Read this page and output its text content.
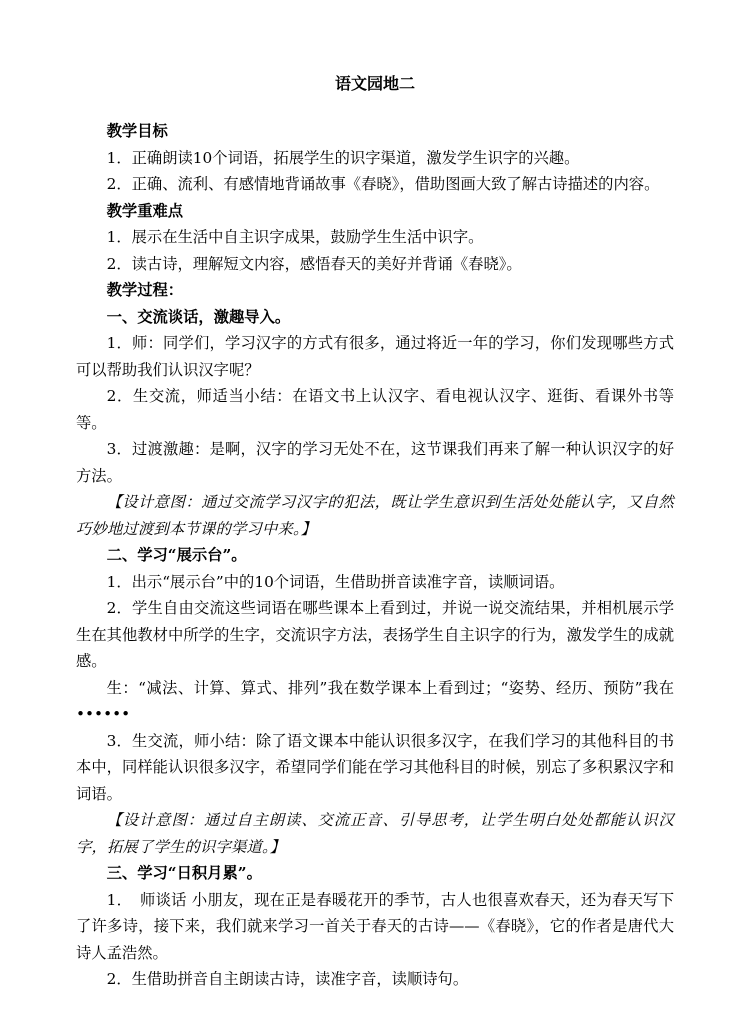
语文园地二

教学目标

1．正确朗读10个词语，拓展学生的识字渠道，激发学生识字的兴趣。

2．正确、流利、有感情地背诵故事《春晓》，借助图画大致了解古诗描述的内容。

教学重难点

1．展示在生活中自主识字成果，鼓励学生生活中识字。

2．读古诗，理解短文内容，感悟春天的美好并背诵《春晓》。

教学过程：

一、交流谈话，激趣导入。

1．师：同学们，学习汉字的方式有很多，通过将近一年的学习，你们发现哪些方式可以帮助我们认识汉字呢？

2．生交流，师适当小结：在语文书上认汉字、看电视认汉字、逛街、看课外书等等。

3．过渡激趣：是啊，汉字的学习无处不在，这节课我们再来了解一种认识汉字的好方法。

【设计意图：通过交流学习汉字的犯法，既让学生意识到生活处处能认字，又自然巧妙地过渡到本节课的学习中来。】

二、学习“展示台”。

1．出示“展示台”中的10个词语，生借助拼音读准字音，读顺词语。

2．学生自由交流这些词语在哪些课本上看到过，并说一说交流结果，并相机展示学生在其他教材中所学的生字，交流识字方法，表扬学生自主识字的行为，激发学生的成就感。

生：“减法、计算、算式、排列”我在数学课本上看到过；“姿势、经历、预防”我在••••••

3．生交流，师小结：除了语文课本中能认识很多汉字，在我们学习的其他科目的书本中，同样能认识很多汉字，希望同学们能在学习其他科目的时候，别忘了多积累汉字和词语。

【设计意图：通过自主朗读、交流正音、引导思考，让学生明白处处都能认识汉字，拓展了学生的识字渠道。】

三、学习“日积月累”。

1．　师谈话 小朋友，现在正是春暖花开的季节，古人也很喜欢春天，还为春天写下了许多诗，接下来，我们就来学习一首关于春天的古诗——《春晓》，它的作者是唐代大诗人孟浩然。

2．生借助拼音自主朗读古诗，读准字音，读顺诗句。
